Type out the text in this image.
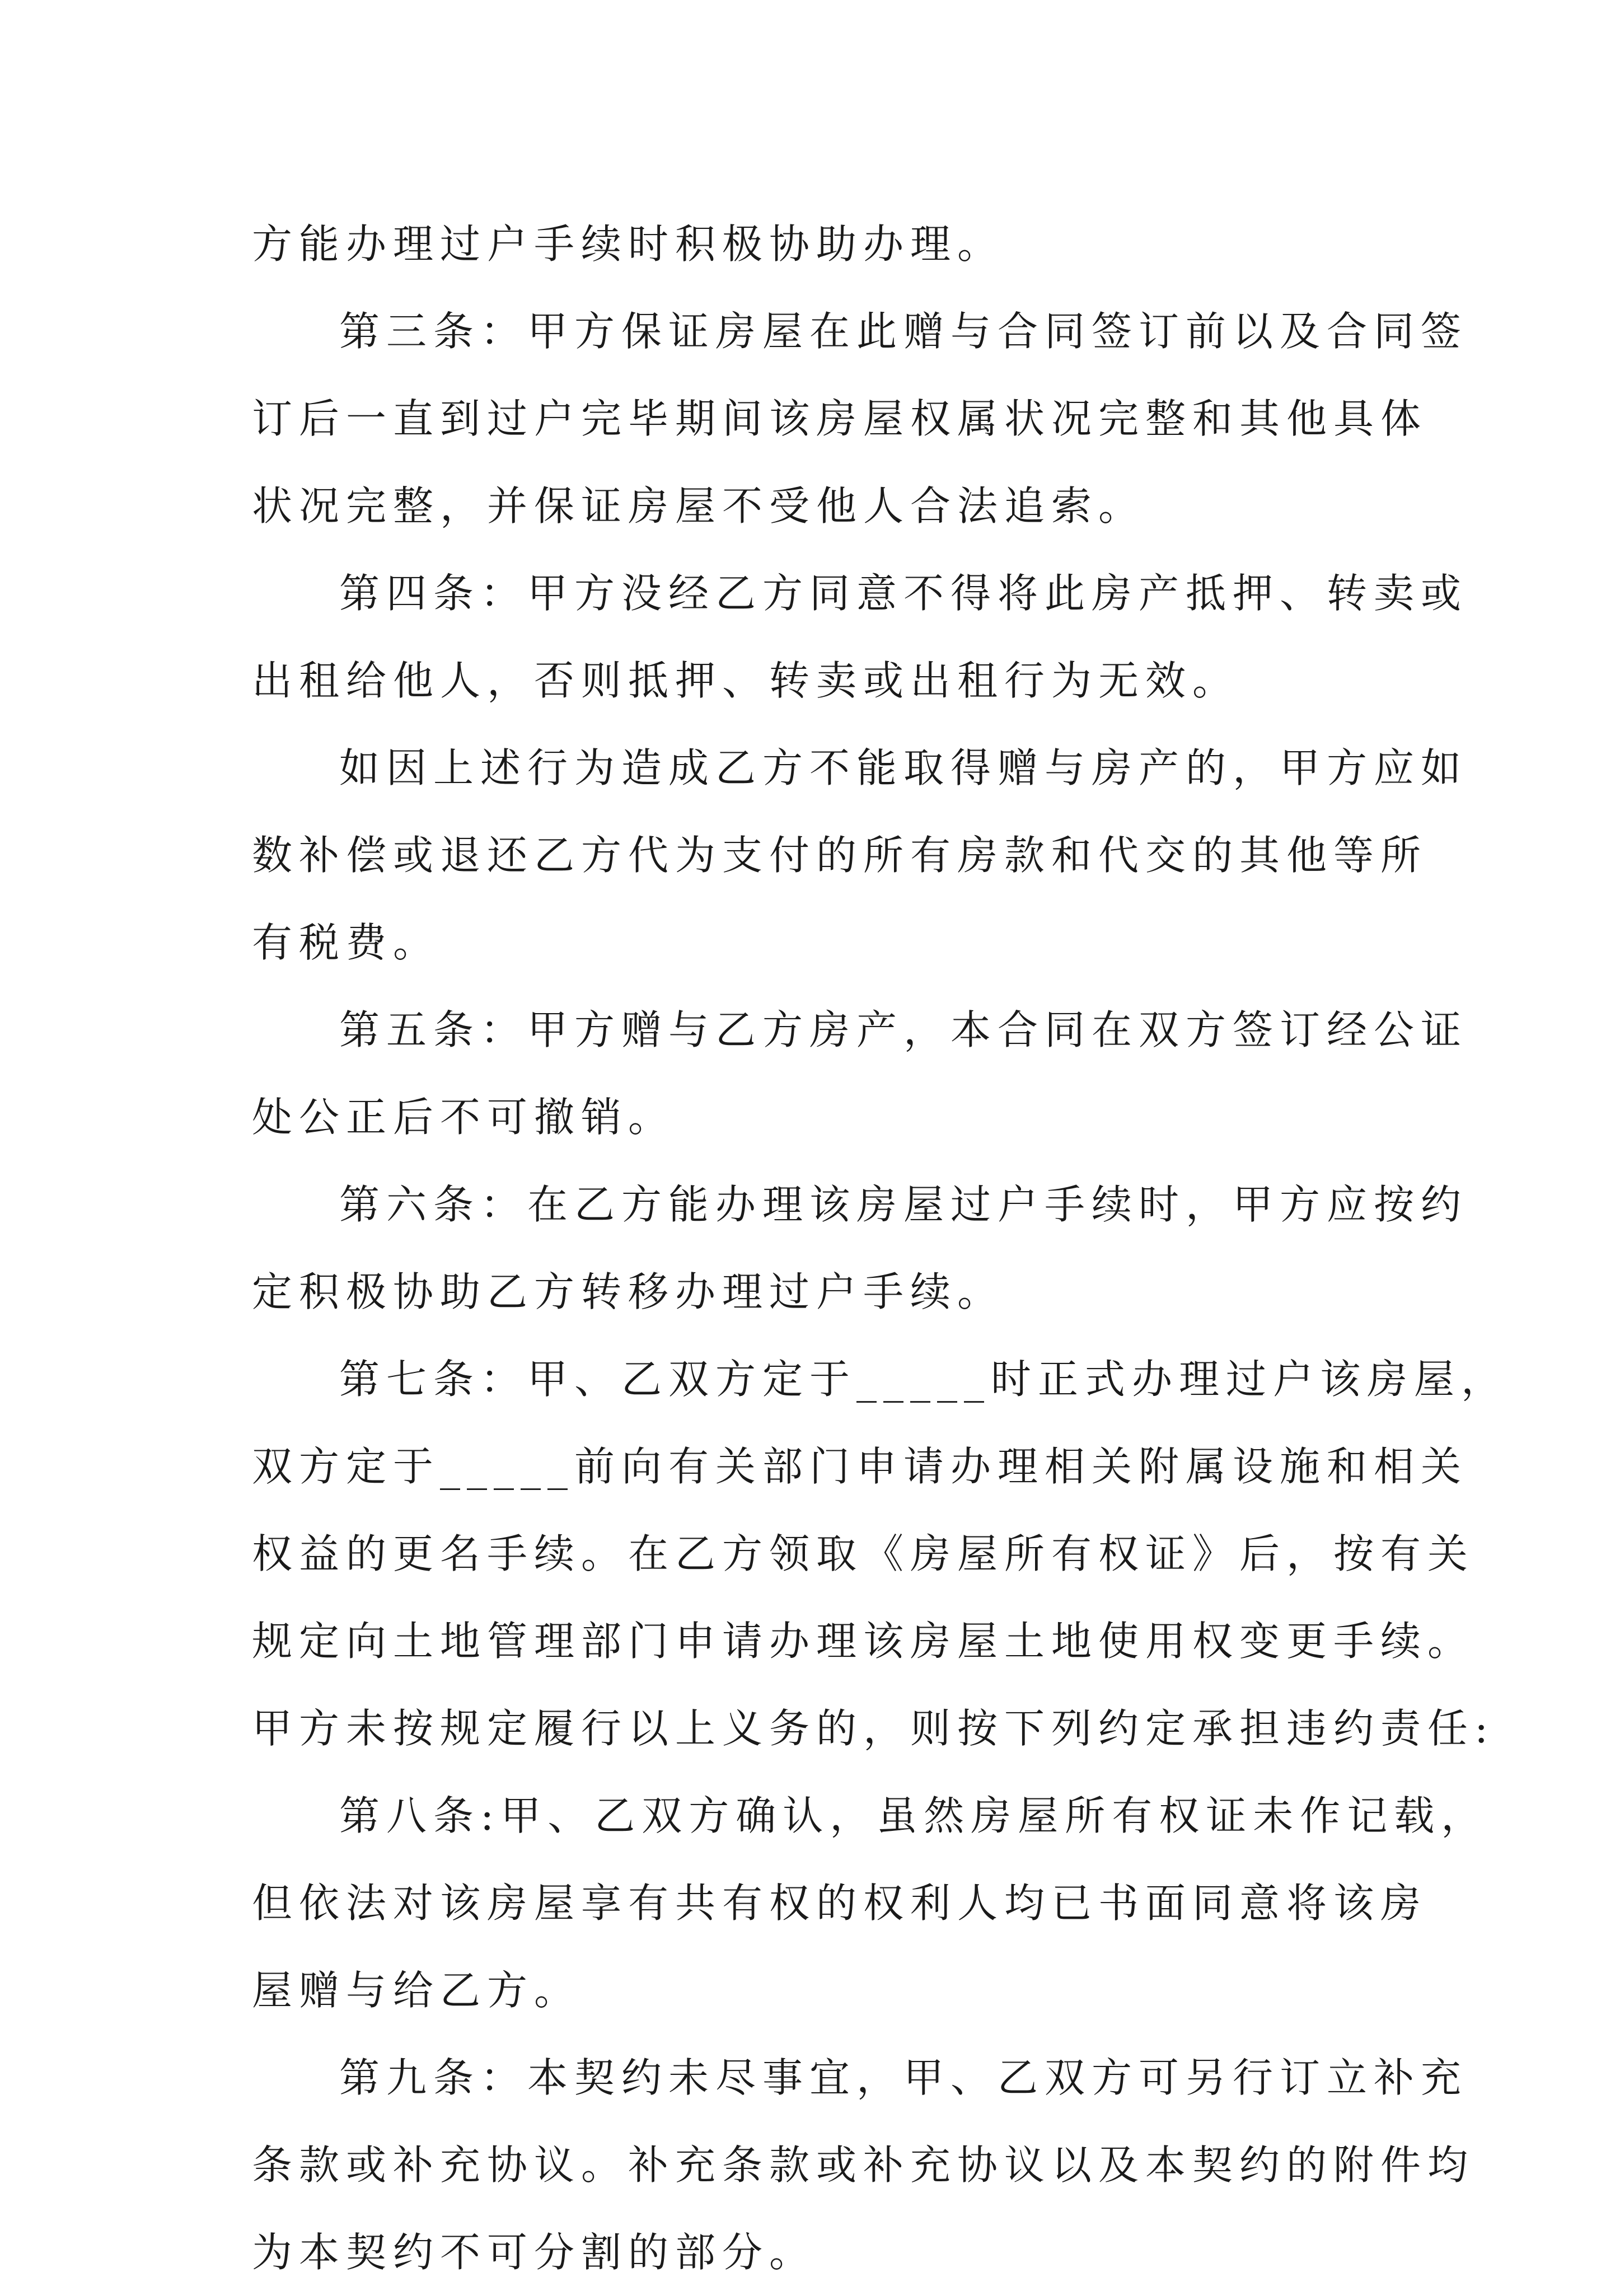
方能办理过户手续时积极协助办理。
第三条：甲方保证房屋在此赠与合同签订前以及合同签
订后一直到过户完毕期间该房屋权属状况完整和其他具体
状况完整，并保证房屋不受他人合法追索。
第四条：甲方没经乙方同意不得将此房产抵押、转卖或
出租给他人，否则抵押、转卖或出租行为无效。
如因上述行为造成乙方不能取得赠与房产的，甲方应如
数补偿或退还乙方代为支付的所有房款和代交的其他等所
有税费。
第五条：甲方赠与乙方房产，本合同在双方签订经公证
处公正后不可撤销。
第六条：在乙方能办理该房屋过户手续时，甲方应按约
定积极协助乙方转移办理过户手续。
第七条：甲、乙双方定于_____时正式办理过户该房屋，
双方定于_____前向有关部门申请办理相关附属设施和相关
权益的更名手续。在乙方领取《房屋所有权证》后，按有关
规定向土地管理部门申请办理该房屋土地使用权变更手续。
甲方未按规定履行以上义务的，则按下列约定承担违约责任:
第八条:甲、乙双方确认，虽然房屋所有权证未作记载，
但依法对该房屋享有共有权的权利人均已书面同意将该房
屋赠与给乙方。
第九条：本契约未尽事宜，甲、乙双方可另行订立补充
条款或补充协议。补充条款或补充协议以及本契约的附件均
为本契约不可分割的部分。
